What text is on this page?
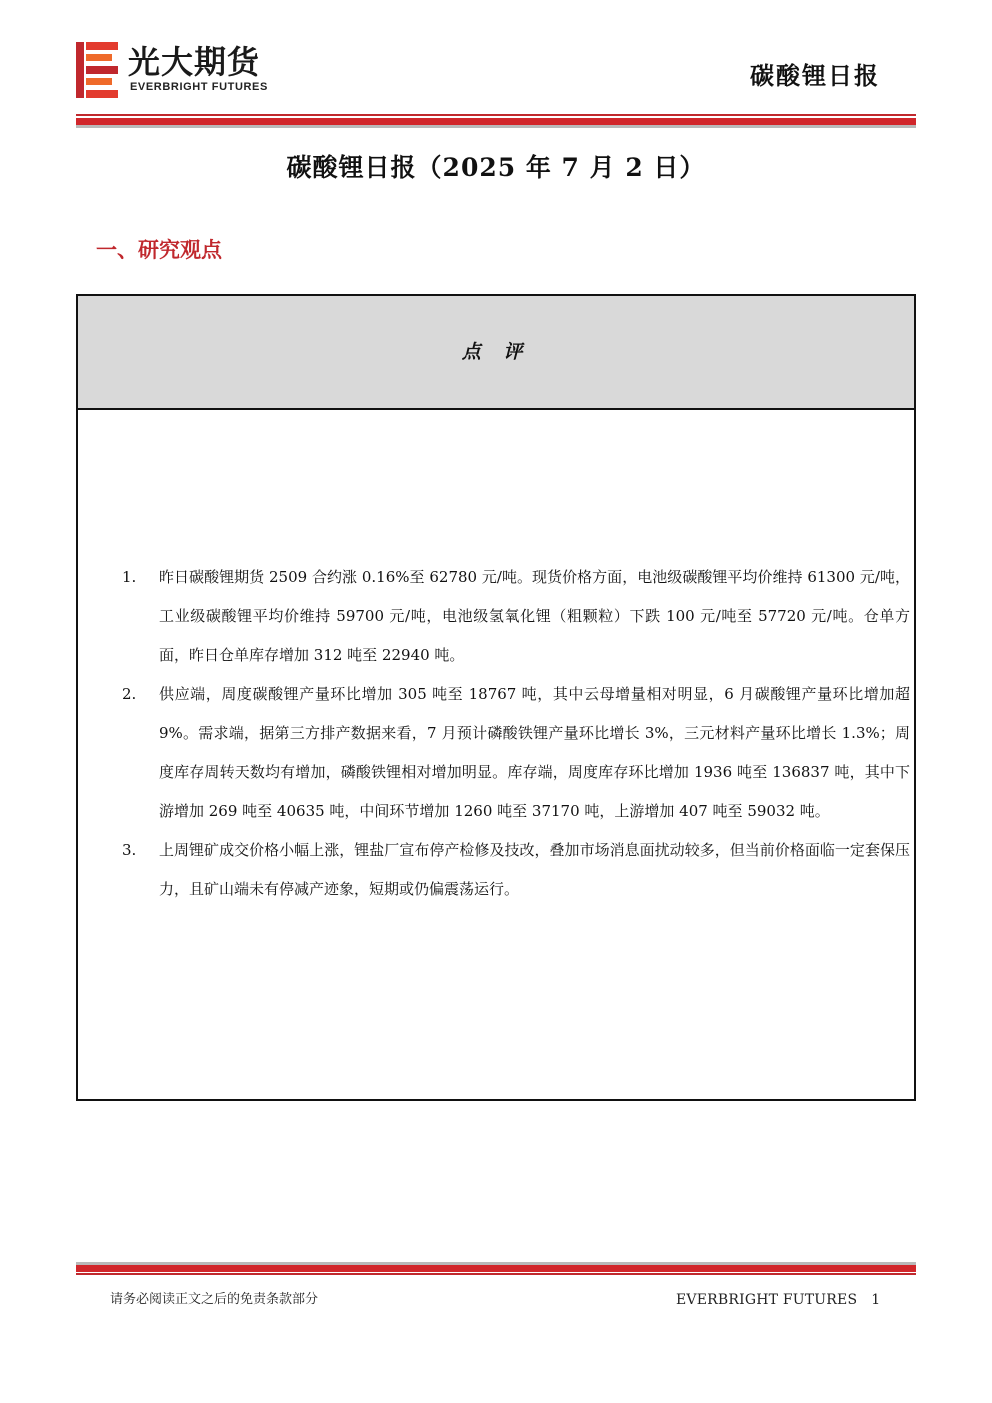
光大期货
EVERBRIGHT FUTURES	碳酸锂日报
碳酸锂日报（2025 年 7 月 2 日）
一、研究观点
点 评

1. 昨日碳酸锂期货 2509 合约涨 0.16%至 62780 元/吨。现货价格方面，电池级碳酸锂平均价维持 61300 元/吨，工业级碳酸锂平均价维持 59700 元/吨，电池级氢氧化锂（粗颗粒）下跌 100 元/吨至 57720 元/吨。仓单方面，昨日仓单库存增加 312 吨至 22940 吨。

2. 供应端，周度碳酸锂产量环比增加 305 吨至 18767 吨，其中云母增量相对明显，6 月碳酸锂产量环比增加超 9%。需求端，据第三方排产数据来看，7 月预计磷酸铁锂产量环比增长 3%，三元材料产量环比增长 1.3%；周度库存周转天数均有增加，磷酸铁锂相对增加明显。库存端，周度库存环比增加 1936 吨至 136837 吨，其中下游增加 269 吨至 40635 吨，中间环节增加 1260 吨至 37170 吨，上游增加 407 吨至 59032 吨。

3. 上周锂矿成交价格小幅上涨，锂盐厂宣布停产检修及技改，叠加市场消息面扰动较多，但当前价格面临一定套保压力，且矿山端未有停减产迹象，短期或仍偏震荡运行。

请务必阅读正文之后的免责条款部分	EVERBRIGHT FUTURES 1
